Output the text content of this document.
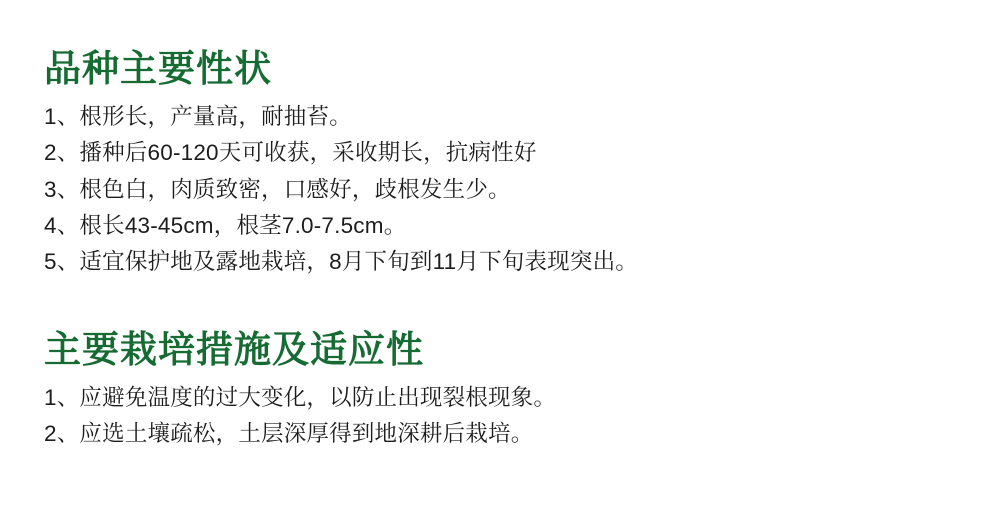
品种主要性状
1、根形长，产量高，耐抽苔。
2、播种后60-120天可收获，采收期长，抗病性好
3、根色白，肉质致密，口感好，歧根发生少。
4、根长43-45cm，根茎7.0-7.5cm。
5、适宜保护地及露地栽培，8月下旬到11月下旬表现突出。
主要栽培措施及适应性
1、应避免温度的过大变化，以防止出现裂根现象。
2、应选土壤疏松，土层深厚得到地深耕后栽培。
